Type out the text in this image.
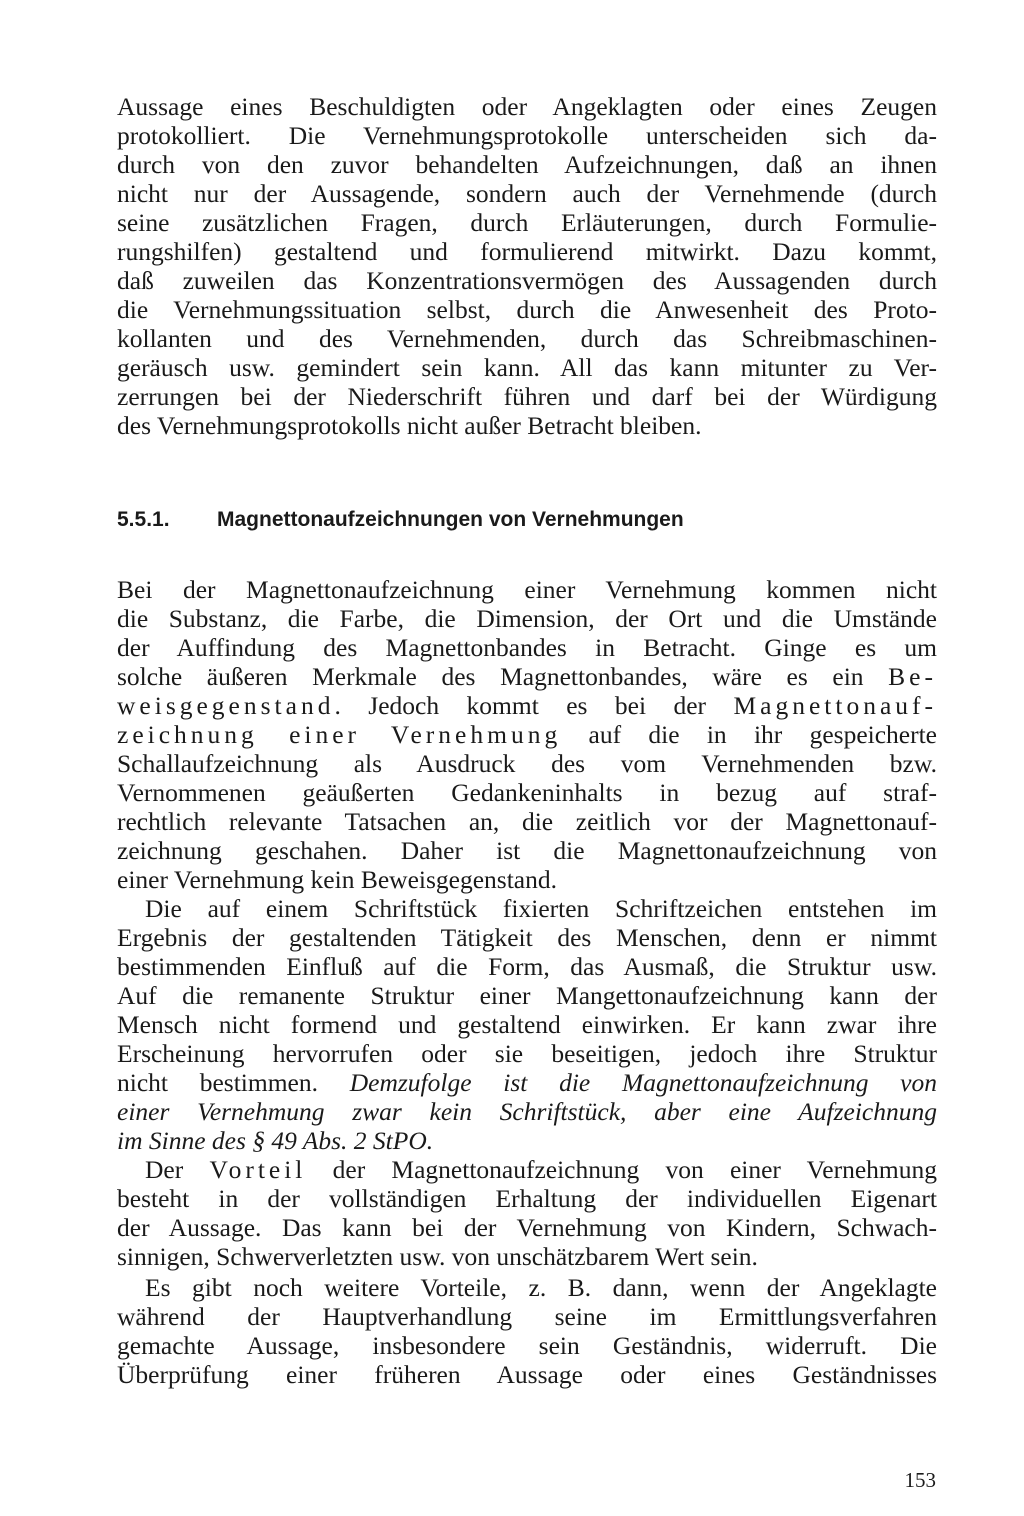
Aussage eines Beschuldigten oder Angeklagten oder eines Zeugen
protokolliert. Die Vernehmungsprotokolle unterscheiden sich da-
durch von den zuvor behandelten Aufzeichnungen, daß an ihnen
nicht nur der Aussagende, sondern auch der Vernehmende (durch
seine zusätzlichen Fragen, durch Erläuterungen, durch Formulie-
rungshilfen) gestaltend und formulierend mitwirkt. Dazu kommt,
daß zuweilen das Konzentrationsvermögen des Aussagenden durch
die Vernehmungssituation selbst, durch die Anwesenheit des Proto-
kollanten und des Vernehmenden, durch das Schreibmaschinen-
geräusch usw. gemindert sein kann. All das kann mitunter zu Ver-
zerrungen bei der Niederschrift führen und darf bei der Würdigung
des Vernehmungsprotokolls nicht außer Betracht bleiben.
5.5.1. Magnettonaufzeichnungen von Vernehmungen
Bei der Magnettonaufzeichnung einer Vernehmung kommen nicht
die Substanz, die Farbe, die Dimension, der Ort und die Umstände
der Auffindung des Magnettonbandes in Betracht. Ginge es um
solche äußeren Merkmale des Magnettonbandes, wäre es ein Be-
weisgegenstand. Jedoch kommt es bei der Magnettonauf-
zeichnung einer Vernehmung auf die in ihr gespeicherte
Schallaufzeichnung als Ausdruck des vom Vernehmenden bzw.
Vernommenen geäußerten Gedankeninhalts in bezug auf straf-
rechtlich relevante Tatsachen an, die zeitlich vor der Magnettonauf-
zeichnung geschahen. Daher ist die Magnettonaufzeichnung von
einer Vernehmung kein Beweisgegenstand.
Die auf einem Schriftstück fixierten Schriftzeichen entstehen im
Ergebnis der gestaltenden Tätigkeit des Menschen, denn er nimmt
bestimmenden Einfluß auf die Form, das Ausmaß, die Struktur usw.
Auf die remanente Struktur einer Mangettonaufzeichnung kann der
Mensch nicht formend und gestaltend einwirken. Er kann zwar ihre
Erscheinung hervorrufen oder sie beseitigen, jedoch ihre Struktur
nicht bestimmen. Demzufolge ist die Magnettonaufzeichnung von
einer Vernehmung zwar kein Schriftstück, aber eine Aufzeichnung
im Sinne des § 49 Abs. 2 StPO.
Der Vorteil der Magnettonaufzeichnung von einer Vernehmung
besteht in der vollständigen Erhaltung der individuellen Eigenart
der Aussage. Das kann bei der Vernehmung von Kindern, Schwach-
sinnigen, Schwerverletzten usw. von unschätzbarem Wert sein.
Es gibt noch weitere Vorteile, z. B. dann, wenn der Angeklagte
während der Hauptverhandlung seine im Ermittlungsverfahren
gemachte Aussage, insbesondere sein Geständnis, widerruft. Die
Überprüfung einer früheren Aussage oder eines Geständnisses
153
